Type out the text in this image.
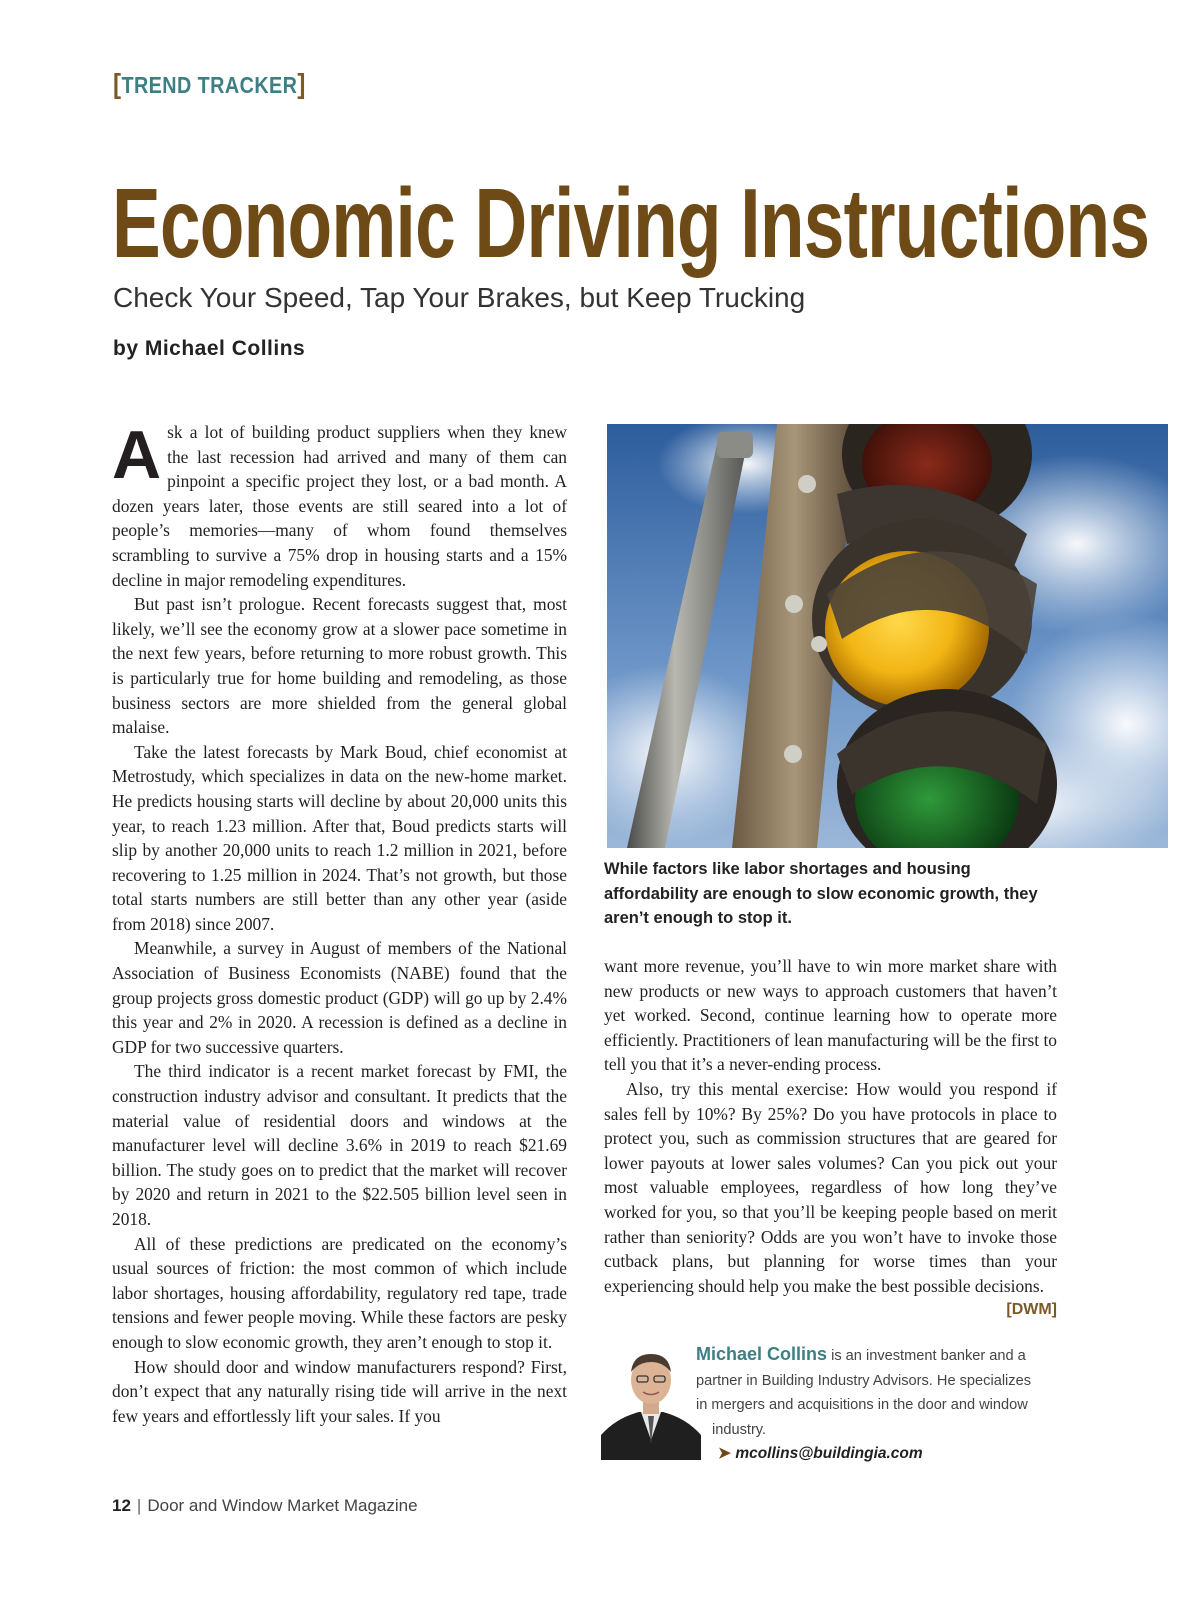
[TREND TRACKER]
Economic Driving Instructions
Check Your Speed, Tap Your Brakes, but Keep Trucking
by Michael Collins

Ask a lot of building product suppliers when they knew the last recession had arrived and many of them can pinpoint a specific project they lost, or a bad month. A dozen years later, those events are still seared into a lot of people’s memories—many of whom found themselves scrambling to survive a 75% drop in housing starts and a 15% decline in major remodeling expenditures.

But past isn’t prologue. Recent forecasts suggest that, most likely, we’ll see the economy grow at a slower pace sometime in the next few years, before returning to more robust growth. This is particularly true for home building and remodeling, as those business sectors are more shielded from the general global malaise.

Take the latest forecasts by Mark Boud, chief economist at Metrostudy, which specializes in data on the new-home market. He predicts housing starts will decline by about 20,000 units this year, to reach 1.23 million. After that, Boud predicts starts will slip by another 20,000 units to reach 1.2 million in 2021, before recovering to 1.25 million in 2024. That’s not growth, but those total starts numbers are still better than any other year (aside from 2018) since 2007.

Meanwhile, a survey in August of members of the National Association of Business Economists (NABE) found that the group projects gross domestic product (GDP) will go up by 2.4% this year and 2% in 2020. A recession is defined as a decline in GDP for two successive quarters.

The third indicator is a recent market forecast by FMI, the construction industry advisor and consultant. It predicts that the material value of residential doors and windows at the manufacturer level will decline 3.6% in 2019 to reach $21.69 billion. The study goes on to predict that the market will recover by 2020 and return in 2021 to the $22.505 billion level seen in 2018.

All of these predictions are predicated on the economy’s usual sources of friction: the most common of which include labor shortages, housing affordability, regulatory red tape, trade tensions and fewer people moving. While these factors are pesky enough to slow economic growth, they aren’t enough to stop it.

How should door and window manufacturers respond? First, don’t expect that any naturally rising tide will arrive in the next few years and effortlessly lift your sales. If you

While factors like labor shortages and housing affordability are enough to slow economic growth, they aren’t enough to stop it.

want more revenue, you’ll have to win more market share with new products or new ways to approach customers that haven’t yet worked. Second, continue learning how to operate more efficiently. Practitioners of lean manufacturing will be the first to tell you that it’s a never-ending process.

Also, try this mental exercise: How would you respond if sales fell by 10%? By 25%? Do you have protocols in place to protect you, such as commission structures that are geared for lower payouts at lower sales volumes? Can you pick out your most valuable employees, regardless of how long they’ve worked for you, so that you’ll be keeping people based on merit rather than seniority? Odds are you won’t have to invoke those cutback plans, but planning for worse times than your experiencing should help you make the best possible decisions.
[DWM]

Michael Collins is an investment banker and a
partner in Building Industry Advisors. He specializes
in mergers and acquisitions in the door and window
industry.
➤ mcollins@buildingia.com
12 | Door and Window Market Magazine
